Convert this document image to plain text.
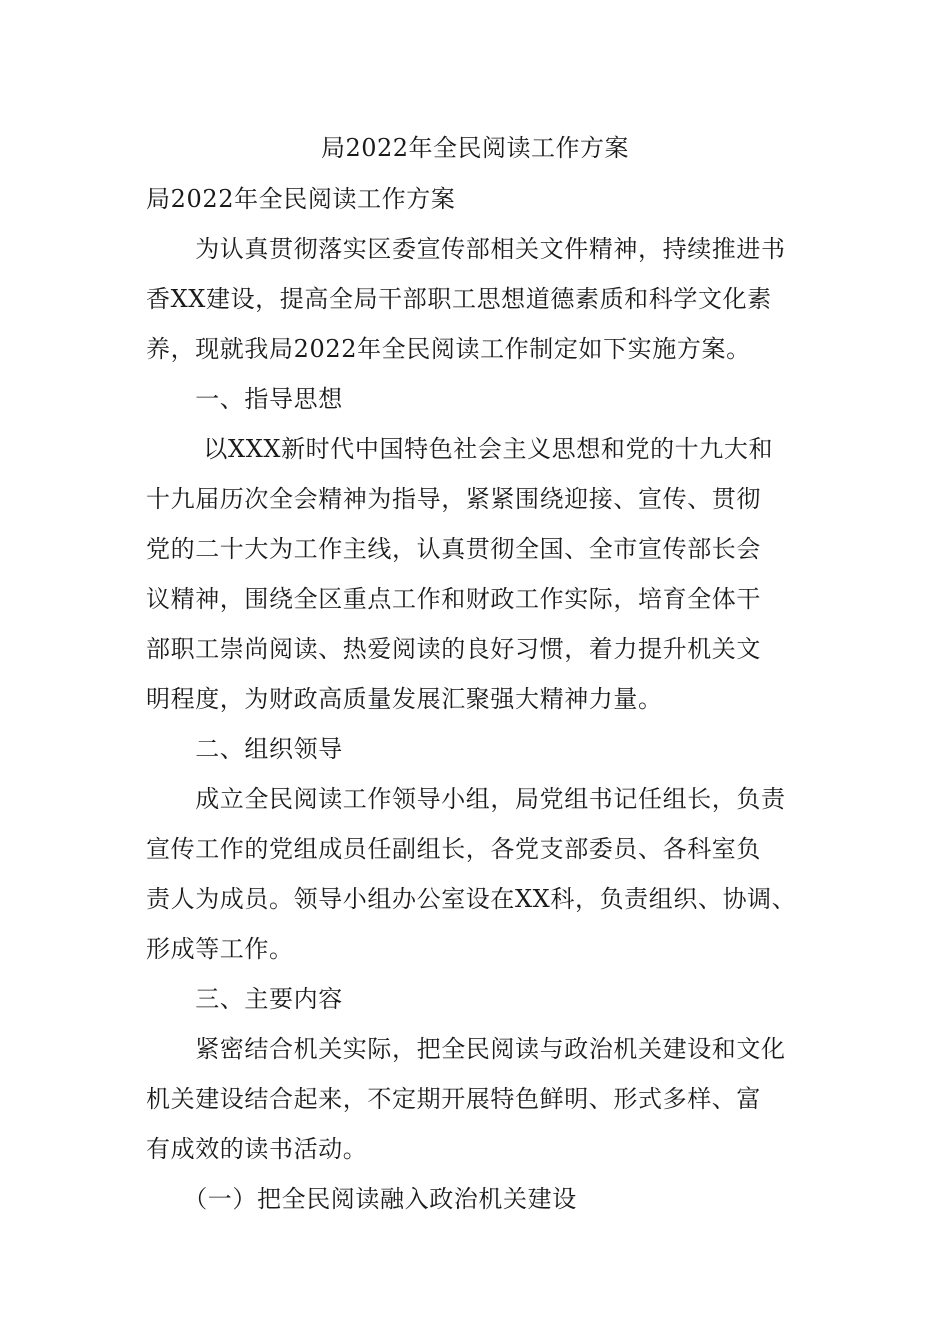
局2022年全民阅读工作方案
局2022年全民阅读工作方案
　　为认真贯彻落实区委宣传部相关文件精神，持续推进书
香XX建设，提高全局干部职工思想道德素质和科学文化素
养，现就我局2022年全民阅读工作制定如下实施方案。
　　一、指导思想
　　 以XXX新时代中国特色社会主义思想和党的十九大和
十九届历次全会精神为指导，紧紧围绕迎接、宣传、贯彻
党的二十大为工作主线，认真贯彻全国、全市宣传部长会
议精神，围绕全区重点工作和财政工作实际，培育全体干
部职工崇尚阅读、热爱阅读的良好习惯，着力提升机关文
明程度，为财政高质量发展汇聚强大精神力量。
　　二、组织领导
　　成立全民阅读工作领导小组，局党组书记任组长，负责
宣传工作的党组成员任副组长，各党支部委员、各科室负
责人为成员。领导小组办公室设在XX科，负责组织、协调、
形成等工作。
　　三、主要内容
　　紧密结合机关实际，把全民阅读与政治机关建设和文化
机关建设结合起来，不定期开展特色鲜明、形式多样、富
有成效的读书活动。
　　（一）把全民阅读融入政治机关建设
